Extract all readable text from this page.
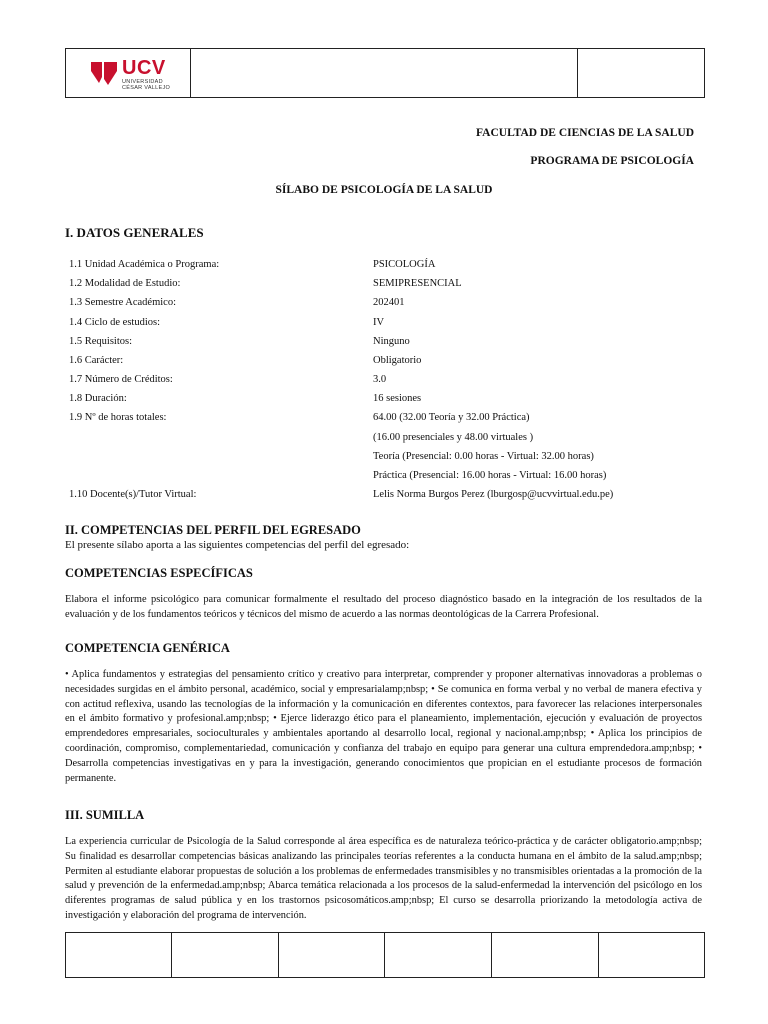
UCV
UNIVERSIDAD
CÉSAR VALLEJO
FACULTAD DE CIENCIAS DE LA SALUD
PROGRAMA DE PSICOLOGÍA
SÍLABO DE PSICOLOGÍA DE LA SALUD
I. DATOS GENERALES
1.1 Unidad Académica o Programa:	PSICOLOGÍA
1.2 Modalidad de Estudio:	SEMIPRESENCIAL
1.3 Semestre Académico:	202401
1.4 Ciclo de estudios:	IV
1.5 Requisitos:	Ninguno
1.6 Carácter:	Obligatorio
1.7 Número de Créditos:	3.0
1.8 Duración:	16 sesiones
1.9 Nº de horas totales:	64.00 (32.00 Teoría y 32.00 Práctica)
(16.00 presenciales y 48.00 virtuales )
Teoría (Presencial: 0.00 horas - Virtual: 32.00 horas)
Práctica (Presencial: 16.00 horas - Virtual: 16.00 horas)
1.10 Docente(s)/Tutor Virtual:	Lelis Norma Burgos Perez (lburgosp@ucvvirtual.edu.pe)
II. COMPETENCIAS DEL PERFIL DEL EGRESADO
El presente sílabo aporta a las siguientes competencias del perfil del egresado:
COMPETENCIAS ESPECÍFICAS
Elabora el informe psicológico para comunicar formalmente el resultado del proceso diagnóstico basado en la integración de los resultados de la evaluación y de los fundamentos teóricos y técnicos del mismo de acuerdo a las normas deontológicas de la Carrera Profesional.
COMPETENCIA GENÉRICA
• Aplica fundamentos y estrategias del pensamiento crítico y creativo para interpretar, comprender y proponer alternativas innovadoras a problemas o necesidades surgidas en el ámbito personal, académico, social y empresarialamp;nbsp; • Se comunica en forma verbal y no verbal de manera efectiva y con actitud reflexiva, usando las tecnologías de la información y la comunicación en diferentes contextos, para favorecer las relaciones interpersonales en el ámbito formativo y profesional.amp;nbsp; • Ejerce liderazgo ético para el planeamiento, implementación, ejecución y evaluación de proyectos emprendedores empresariales, socioculturales y ambientales aportando al desarrollo local, regional y nacional.amp;nbsp; • Aplica los principios de coordinación, compromiso, complementariedad, comunicación y confianza del trabajo en equipo para generar una cultura emprendedora.amp;nbsp; • Desarrolla competencias investigativas en y para la investigación, generando conocimientos que propician en el estudiante procesos de formación permanente.
III. SUMILLA
La experiencia curricular de Psicología de la Salud corresponde al área específica es de naturaleza teórico-práctica y de carácter obligatorio.amp;nbsp; Su finalidad es desarrollar competencias básicas analizando las principales teorías referentes a la conducta humana en el ámbito de la salud.amp;nbsp; Permiten al estudiante elaborar propuestas de solución a los problemas de enfermedades transmisibles y no transmisibles orientadas a la promoción de la salud y prevención de la enfermedad.amp;nbsp; Abarca temática relacionada a los procesos de la salud-enfermedad la intervención del psicólogo en los diferentes programas de salud pública y en los trastornos psicosomáticos.amp;nbsp; El curso se desarrolla priorizando la metodología activa de investigación y elaboración del programa de intervención.
